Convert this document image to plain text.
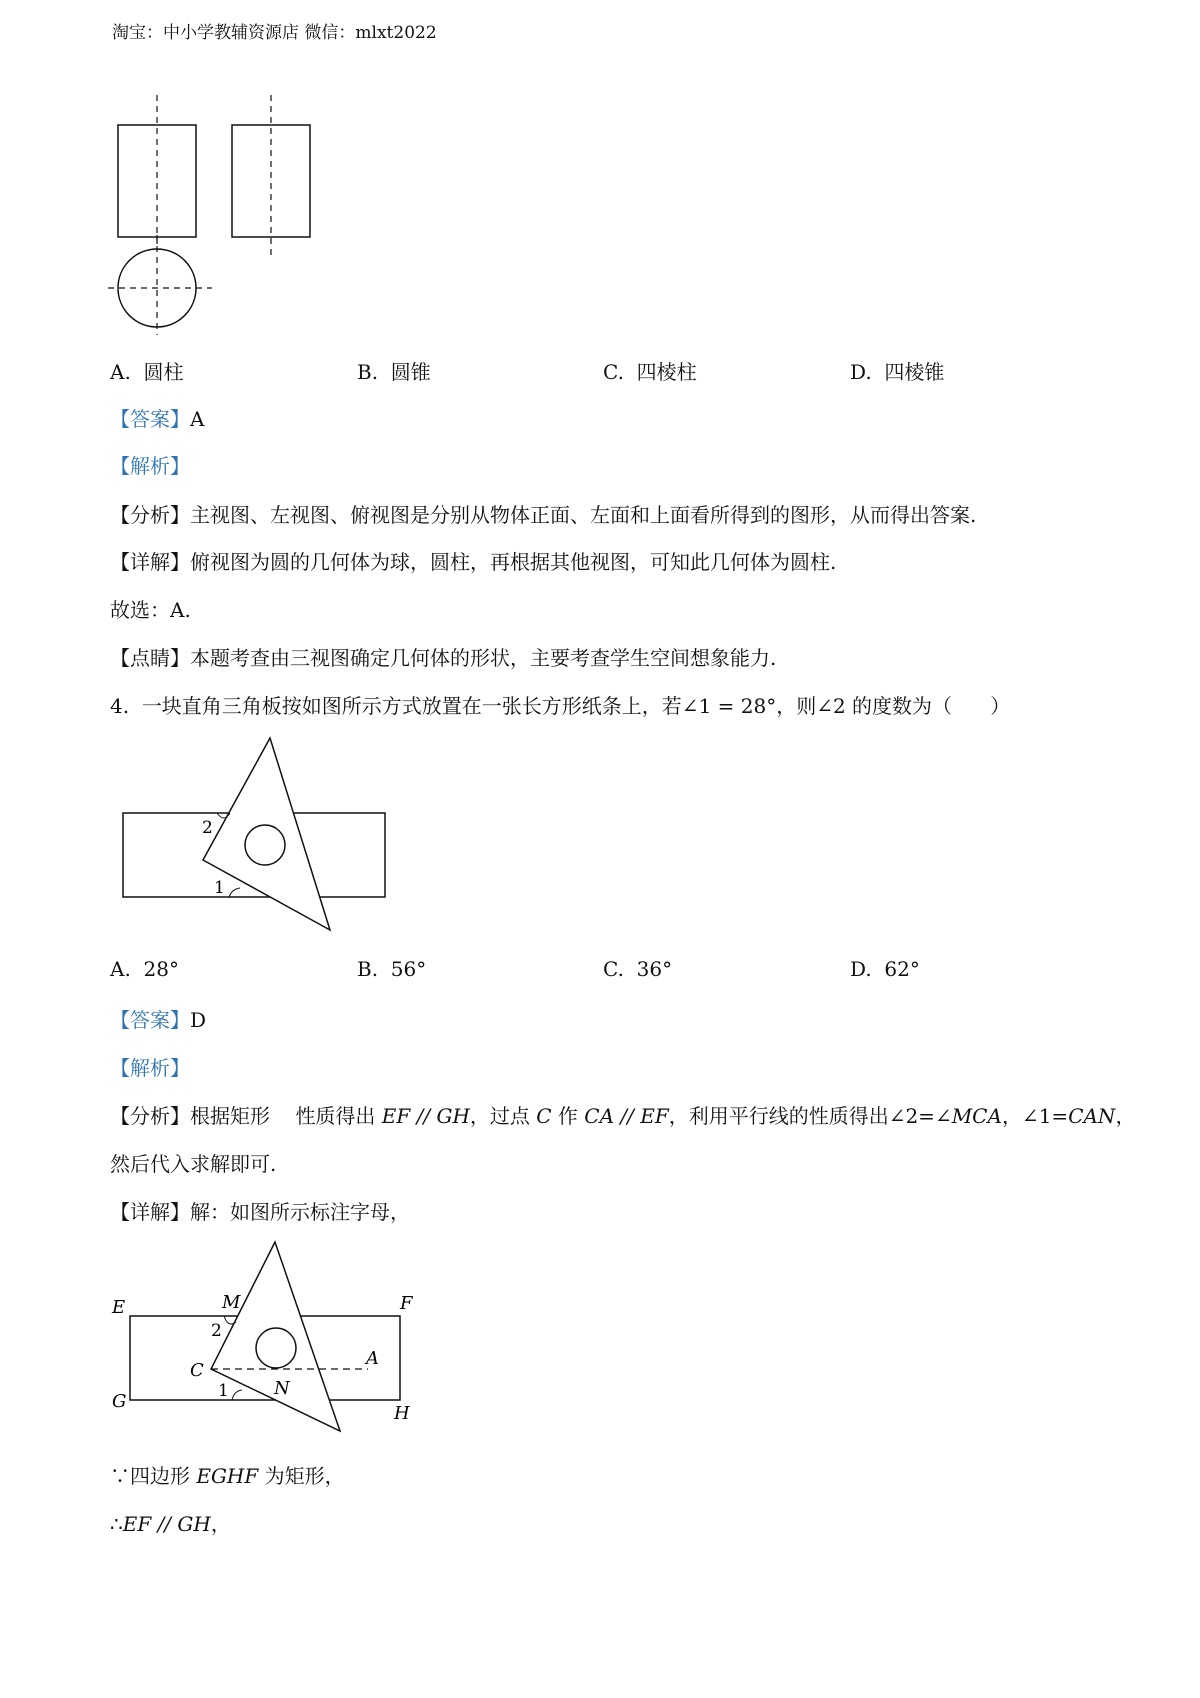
淘宝：中小学教辅资源店 微信：mlxt2022
A. 圆柱	B. 圆锥	C. 四棱柱	D. 四棱锥
【答案】A
【解析】
【分析】主视图、左视图、俯视图是分别从物体正面、左面和上面看所得到的图形，从而得出答案.
【详解】俯视图为圆的几何体为球，圆柱，再根据其他视图，可知此几何体为圆柱.
故选：A.
【点睛】本题考查由三视图确定几何体的形状，主要考查学生空间想象能力.
4. 一块直角三角板按如图所示方式放置在一张长方形纸条上，若∠1 = 28°，则∠2 的度数为（ ）
2
1
A. 28°	B. 56°	C. 36°	D. 62°
【答案】D
【解析】
【分析】根据矩形 性质得出 EF // GH，过点 C 作 CA // EF，利用平行线的性质得出∠2=∠MCA，∠1=CAN，
然后代入求解即可.
【详解】解：如图所示标注字母，
E	F
G
H
M
C
A
N
2
1
∵四边形 EGHF 为矩形，
∴EF // GH，
